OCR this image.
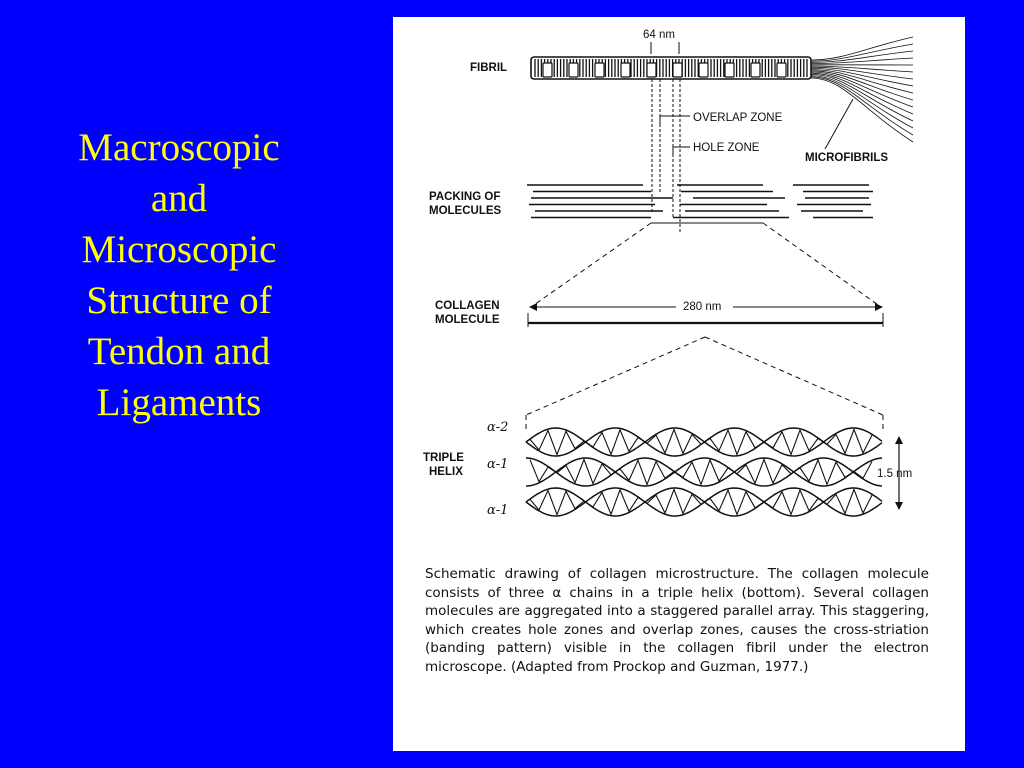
Macroscopic
and
Microscopic
Structure of
Tendon and
Ligaments
FIBRIL
64 nm
MICROFIBRILS
OVERLAP ZONE
HOLE ZONE
PACKING OF
MOLECULES
COLLAGEN
MOLECULE
280 nm
TRIPLE
HELIX
α-2
α-1
α-1
1.5 nm

Schematic drawing of collagen microstructure. The collagen molecule consists of three α chains in a triple helix (bottom). Several collagen molecules are aggregated into a staggered parallel array. This staggering, which creates hole zones and overlap zones, causes the cross-striation (banding pattern) visible in the collagen fibril under the electron microscope. (Adapted from Prockop and Guzman, 1977.)
